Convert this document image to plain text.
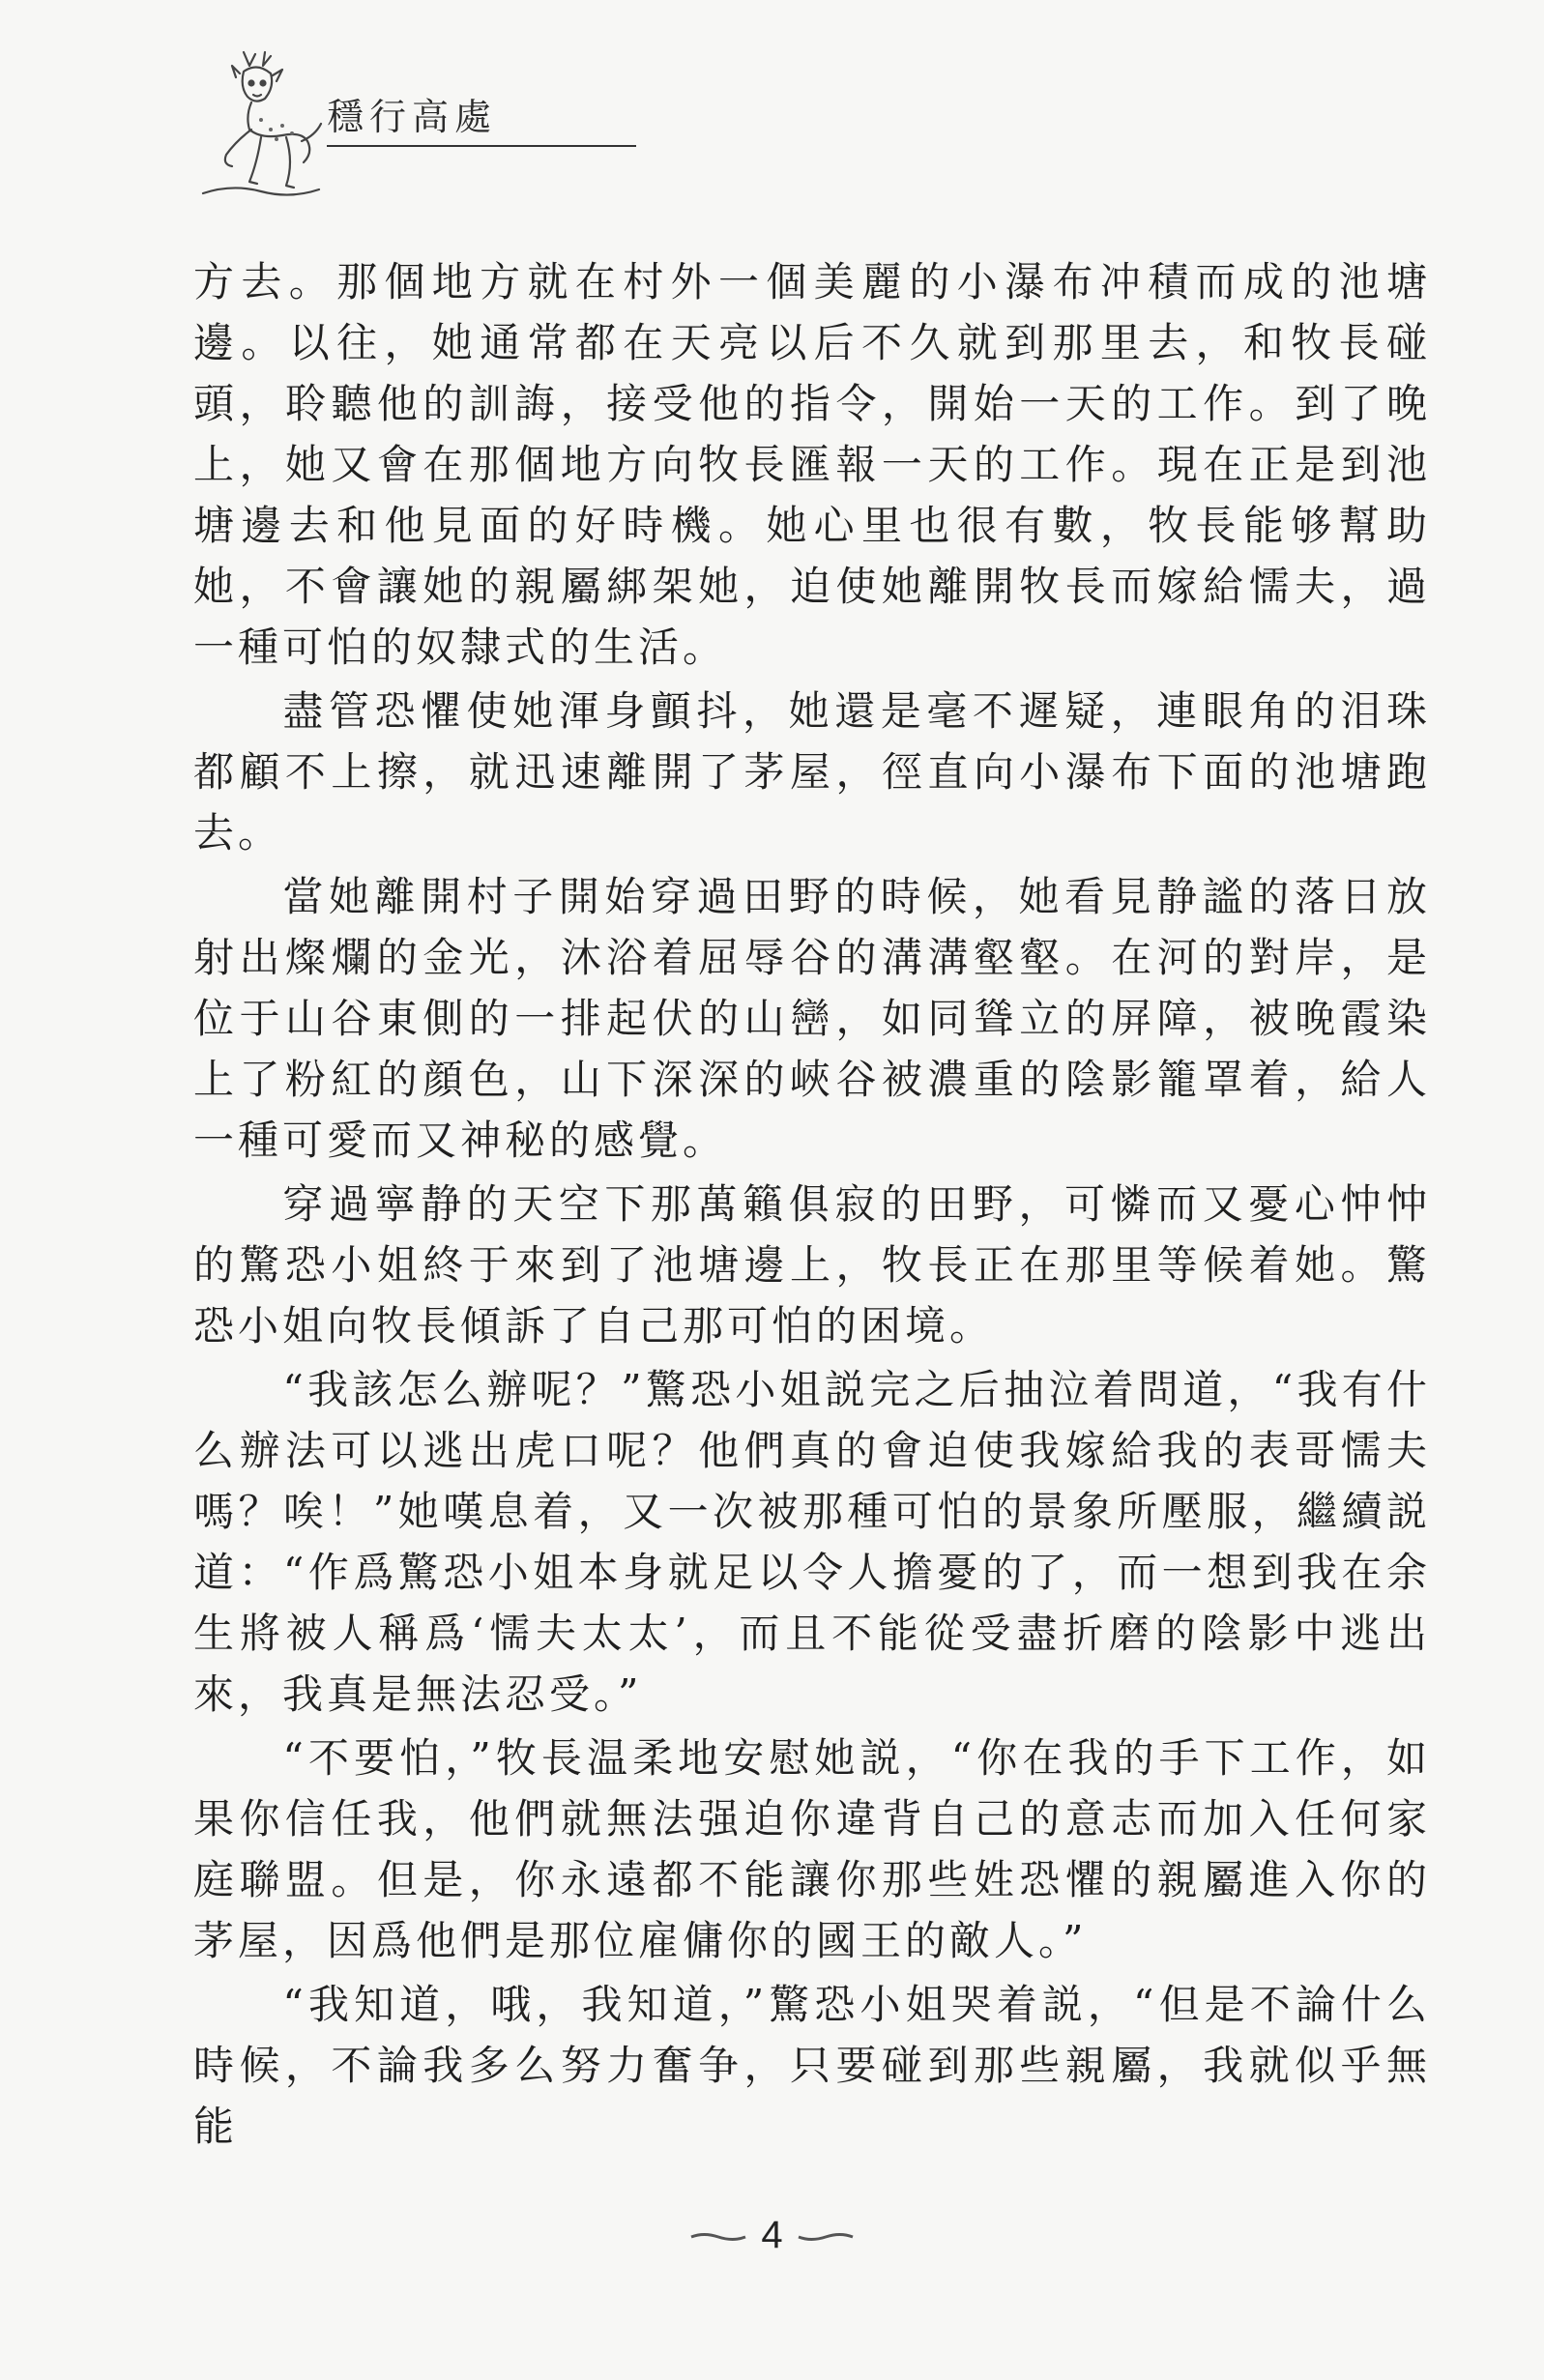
穩行高處

方去。那個地方就在村外一個美麗的小瀑布冲積而成的池塘邊。以往，她通常都在天亮以后不久就到那里去，和牧長碰頭，聆聽他的訓誨，接受他的指令，開始一天的工作。到了晚上，她又會在那個地方向牧長匯報一天的工作。現在正是到池塘邊去和他見面的好時機。她心里也很有數，牧長能够幫助她，不會讓她的親屬綁架她，迫使她離開牧長而嫁給懦夫，過一種可怕的奴隸式的生活。

盡管恐懼使她渾身顫抖，她還是毫不遲疑，連眼角的泪珠都顧不上擦，就迅速離開了茅屋，徑直向小瀑布下面的池塘跑去。

當她離開村子開始穿過田野的時候，她看見静謐的落日放射出燦爛的金光，沐浴着屈辱谷的溝溝壑壑。在河的對岸，是位于山谷東側的一排起伏的山巒，如同聳立的屏障，被晚霞染上了粉紅的顔色，山下深深的峽谷被濃重的陰影籠罩着，給人一種可愛而又神秘的感覺。

穿過寧静的天空下那萬籟俱寂的田野，可憐而又憂心忡忡的驚恐小姐終于來到了池塘邊上，牧長正在那里等候着她。驚恐小姐向牧長傾訴了自己那可怕的困境。

“我該怎么辦呢？”驚恐小姐説完之后抽泣着問道，“我有什么辦法可以逃出虎口呢？他們真的會迫使我嫁給我的表哥懦夫嗎？唉！”她嘆息着，又一次被那種可怕的景象所壓服，繼續説道：“作爲驚恐小姐本身就足以令人擔憂的了，而一想到我在余生將被人稱爲‘懦夫太太’，而且不能從受盡折磨的陰影中逃出來，我真是無法忍受。”

“不要怕，”牧長温柔地安慰她説，“你在我的手下工作，如果你信任我，他們就無法强迫你違背自己的意志而加入任何家庭聯盟。但是，你永遠都不能讓你那些姓恐懼的親屬進入你的茅屋，因爲他們是那位雇傭你的國王的敵人。”

“我知道，哦，我知道，”驚恐小姐哭着説，“但是不論什么時候，不論我多么努力奮争，只要碰到那些親屬，我就似乎無能

4
